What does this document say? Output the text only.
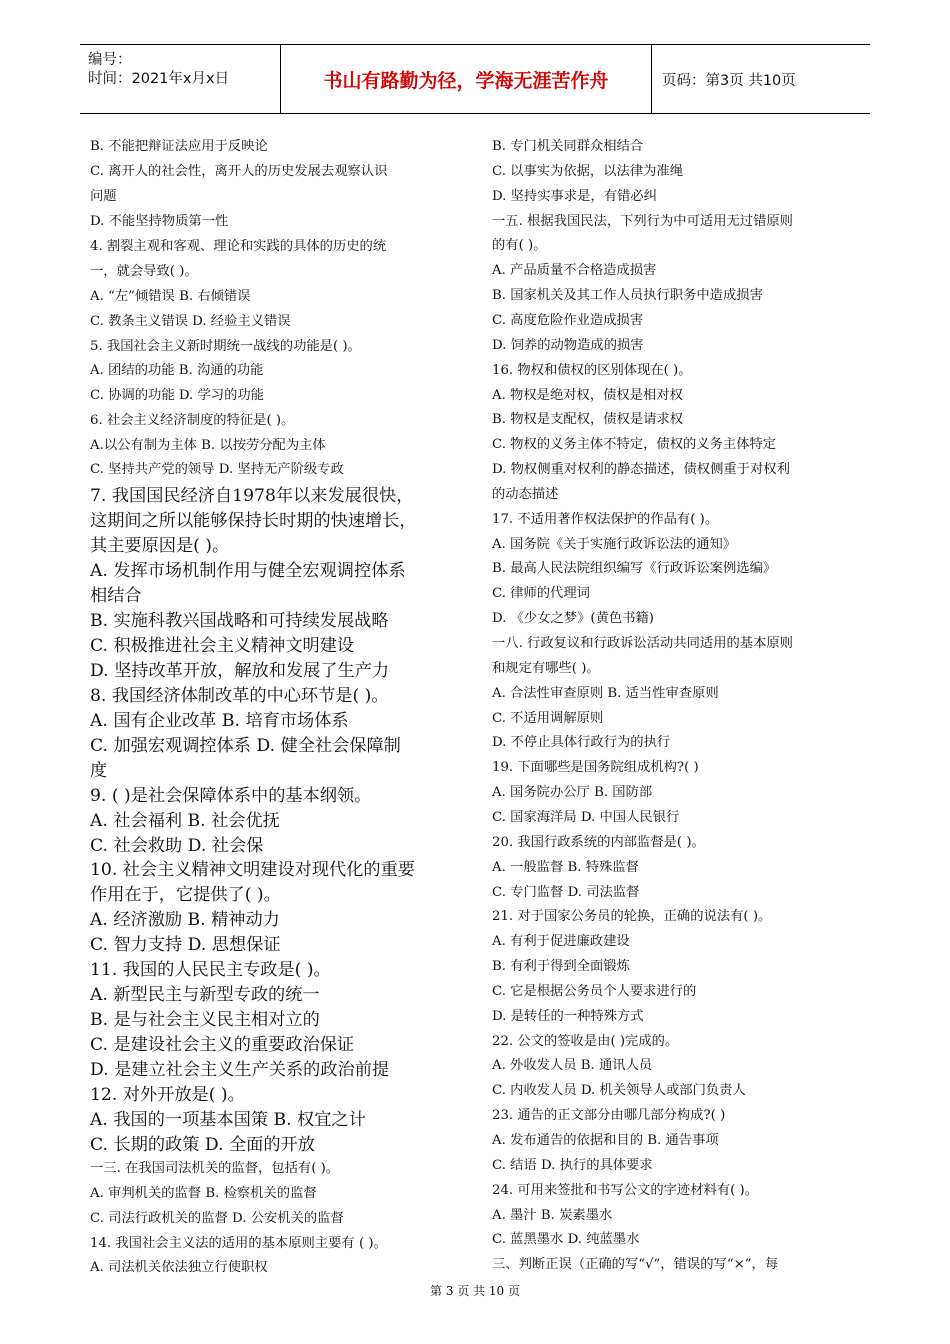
编号：
时间：2021年x月x日	书山有路勤为径，学海无涯苦作舟	页码：第3页 共10页
B. 不能把辩证法应用于反映论
C. 离开人的社会性，离开人的历史发展去观察认识
问题
D. 不能坚持物质第一性
4. 割裂主观和客观、理论和实践的具体的历史的统
一，就会导致( )。
A. “左”倾错误 B. 右倾错误
C. 教条主义错误 D. 经验主义错误
5. 我国社会主义新时期统一战线的功能是( )。
A. 团结的功能 B. 沟通的功能
C. 协调的功能 D. 学习的功能
6. 社会主义经济制度的特征是( )。
A.以公有制为主体 B. 以按劳分配为主体
C. 坚持共产党的领导 D. 坚持无产阶级专政
7. 我国国民经济自1978年以来发展很快，
这期间之所以能够保持长时期的快速增长，
其主要原因是( )。
A. 发挥市场机制作用与健全宏观调控体系
相结合
B. 实施科教兴国战略和可持续发展战略
C. 积极推进社会主义精神文明建设
D. 坚持改革开放，解放和发展了生产力
8. 我国经济体制改革的中心环节是( )。
A. 国有企业改革 B. 培育市场体系
C. 加强宏观调控体系 D. 健全社会保障制
度
9. ( )是社会保障体系中的基本纲领。
A. 社会福利 B. 社会优抚
C. 社会救助 D. 社会保
10. 社会主义精神文明建设对现代化的重要
作用在于，它提供了( )。
A. 经济激励 B. 精神动力
C. 智力支持 D. 思想保证
11. 我国的人民民主专政是( )。
A. 新型民主与新型专政的统一
B. 是与社会主义民主相对立的
C. 是建设社会主义的重要政治保证
D. 是建立社会主义生产关系的政治前提
12. 对外开放是( )。
A. 我国的一项基本国策 B. 权宜之计
C. 长期的政策 D. 全面的开放
一三. 在我国司法机关的监督，包括有( )。
A. 审判机关的监督 B. 检察机关的监督
C. 司法行政机关的监督 D. 公安机关的监督
14. 我国社会主义法的适用的基本原则主要有 ( )。
A. 司法机关依法独立行使职权
B. 专门机关同群众相结合
C. 以事实为依据，以法律为准绳
D. 坚持实事求是，有错必纠
一五. 根据我国民法，下列行为中可适用无过错原则
的有( )。
A. 产品质量不合格造成损害
B. 国家机关及其工作人员执行职务中造成损害
C. 高度危险作业造成损害
D. 饲养的动物造成的损害
16. 物权和债权的区别体现在( )。
A. 物权是绝对权，债权是相对权
B. 物权是支配权，债权是请求权
C. 物权的义务主体不特定，债权的义务主体特定
D. 物权侧重对权利的静态描述，债权侧重于对权利
的动态描述
17. 不适用著作权法保护的作品有( )。
A. 国务院《关于实施行政诉讼法的通知》
B. 最高人民法院组织编写《行政诉讼案例选编》
C. 律师的代理词
D. 《少女之梦》(黄色书籍)
一八. 行政复议和行政诉讼活动共同适用的基本原则
和规定有哪些( )。
A. 合法性审查原则 B. 适当性审查原则
C. 不适用调解原则
D. 不停止具体行政行为的执行
19. 下面哪些是国务院组成机构?( )
A. 国务院办公厅 B. 国防部
C. 国家海洋局 D. 中国人民银行
20. 我国行政系统的内部监督是( )。
A. 一般监督 B. 特殊监督
C. 专门监督 D. 司法监督
21. 对于国家公务员的轮换，正确的说法有( )。
A. 有利于促进廉政建设
B. 有利于得到全面锻炼
C. 它是根据公务员个人要求进行的
D. 是转任的一种特殊方式
22. 公文的签收是由( )完成的。
A. 外收发人员 B. 通讯人员
C. 内收发人员 D. 机关领导人或部门负责人
23. 通告的正文部分由哪几部分构成?( )
A. 发布通告的依据和目的 B. 通告事项
C. 结语 D. 执行的具体要求
24. 可用来签批和书写公文的字迹材料有( )。
A. 墨汁 B. 炭素墨水
C. 蓝黑墨水 D. 纯蓝墨水
三、判断正误（正确的写“√”，错误的写“×”，每
第 3 页 共 10 页
